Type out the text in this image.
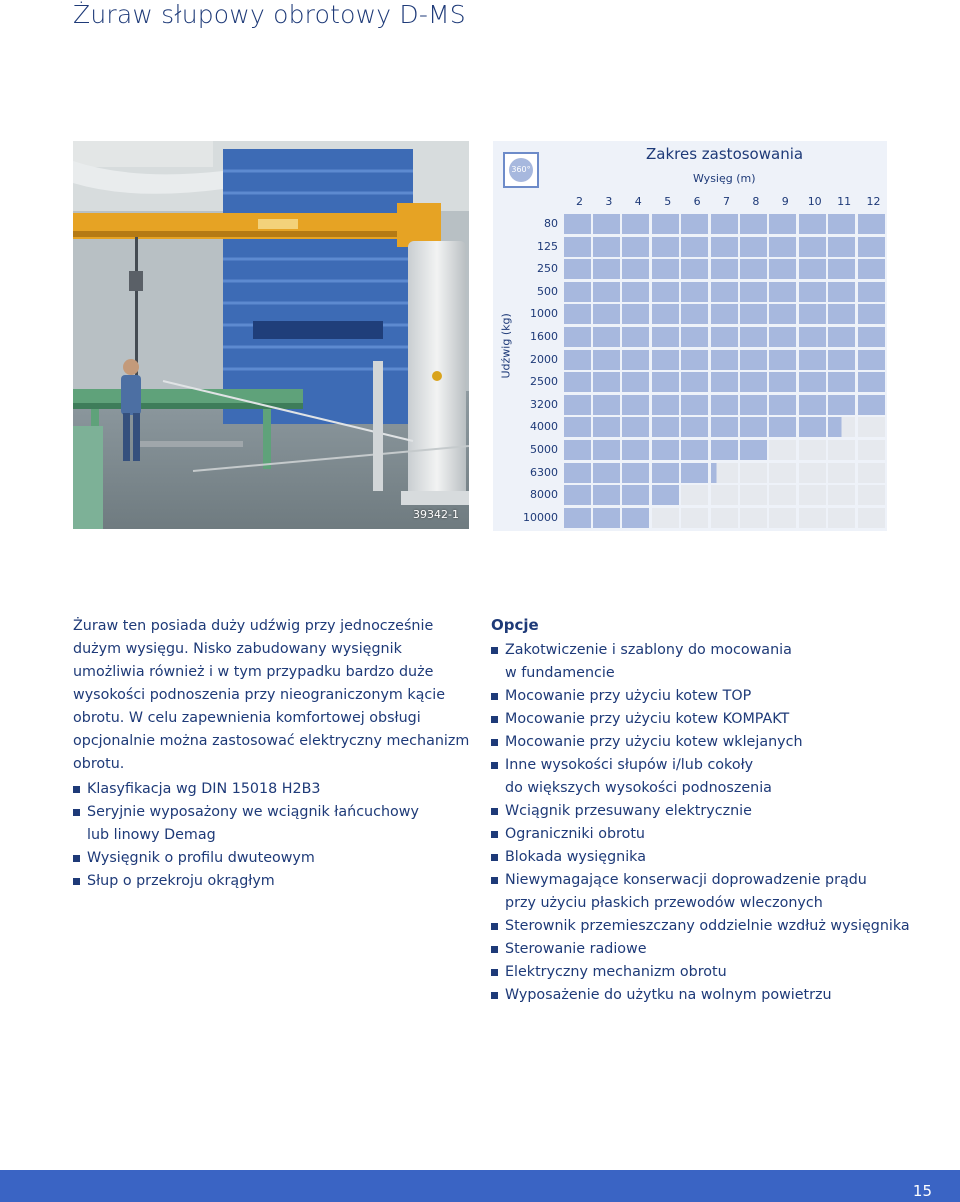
Żuraw słupowy obrotowy D-MS
39342-1
360°
Zakres zastosowania
Wysięg (m)
Udźwig (kg)
2	3	4	5	6	7	8	9	10	11	12
80
125
250
500
1000
1600
2000
2500
3200
4000
5000
6300
8000
10000
Żuraw ten posiada duży udźwig przy jednocześnie dużym wysięgu. Nisko zabudowany wysięgnik umożliwia również i w tym przypadku bardzo duże wysokości podnoszenia przy nieograniczonym kącie obrotu. W celu zapewnienia komfortowej obsługi opcjonalnie można zastosować elektryczny mechanizm obrotu.
Klasyfikacja wg DIN 15018 H2B3
Seryjnie wyposażony we wciągnik łańcuchowy
lub linowy Demag
Wysięgnik o profilu dwuteowym
Słup o przekroju okrągłym
Opcje
Zakotwiczenie i szablony do mocowania
w fundamencie
Mocowanie przy użyciu kotew TOP
Mocowanie przy użyciu kotew KOMPAKT
Mocowanie przy użyciu kotew wklejanych
Inne wysokości słupów i/lub cokoły
do większych wysokości podnoszenia
Wciągnik przesuwany elektrycznie
Ograniczniki obrotu
Blokada wysięgnika
Niewymagające konserwacji doprowadzenie prądu
przy użyciu płaskich przewodów wleczonych
Sterownik przemieszczany oddzielnie wzdłuż wysięgnika
Sterowanie radiowe
Elektryczny mechanizm obrotu
Wyposażenie do użytku na wolnym powietrzu
15
